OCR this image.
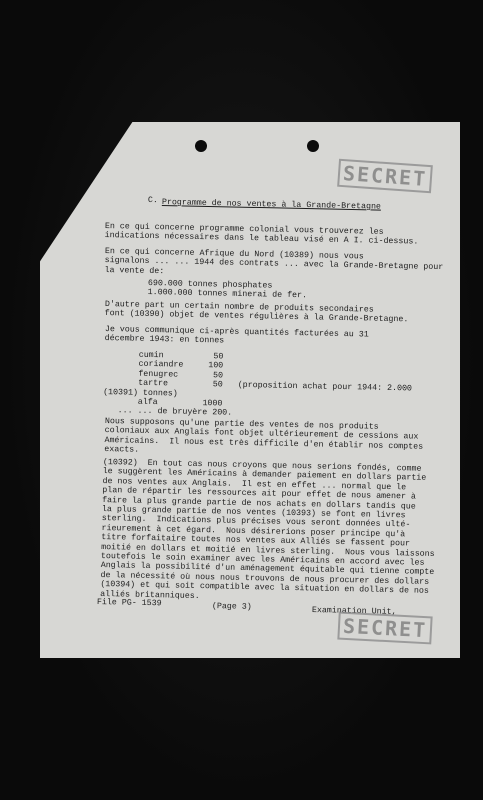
SECRET
C. Programme de nos ventes à la Grande-Bretagne
En ce qui concerne programme colonial vous trouverez les
indications nécessaires dans le tableau visé en A I. ci-dessus.
En ce qui concerne Afrique du Nord (10389) nous vous
signalons ... ... 1944 des contrats ... avec la Grande-Bretagne pour
la vente de:
690.000 tonnes phosphates
1.000.000 tonnes minerai de fer.
D'autre part un certain nombre de produits secondaires
font (10390) objet de ventes régulières à la Grande-Bretagne.
Je vous communique ci-après quantités facturées au 31
décembre 1943: en tonnes
cumin          50
coriandre     100
fenugrec       50
tartre         50   (proposition achat pour 1944: 2.000
(10391) tonnes)
alfa         1000
... ... de bruyère 200.
Nous supposons qu'une partie des ventes de nos produits
coloniaux aux Anglais font objet ultérieurement de cessions aux
Américains.  Il nous est très difficile d'en établir nos comptes
exacts.
(10392)  En tout cas nous croyons que nous serions fondés, comme
le suggèrent les Américains à demander paiement en dollars partie
de nos ventes aux Anglais.  Il est en effet ... normal que le
plan de répartir les ressources ait pour effet de nous amener à
faire la plus grande partie de nos achats en dollars tandis que
la plus grande partie de nos ventes (10393) se font en livres
sterling.  Indications plus précises vous seront données ulté-
rieurement à cet égard.  Nous désirerions poser principe qu'à
titre forfaitaire toutes nos ventes aux Alliés se fassent pour
moitié en dollars et moitié en livres sterling.  Nous vous laissons
toutefois le soin examiner avec les Américains en accord avec les
Anglais la possibilité d'un aménagement équitable qui tienne compte
de la nécessité où nous nous trouvons de nous procurer des dollars
(10394) et qui soit compatible avec la situation en dollars de nos
alliés britanniques.
File PG- 1539	(Page 3)	Examination Unit,
SECRET
